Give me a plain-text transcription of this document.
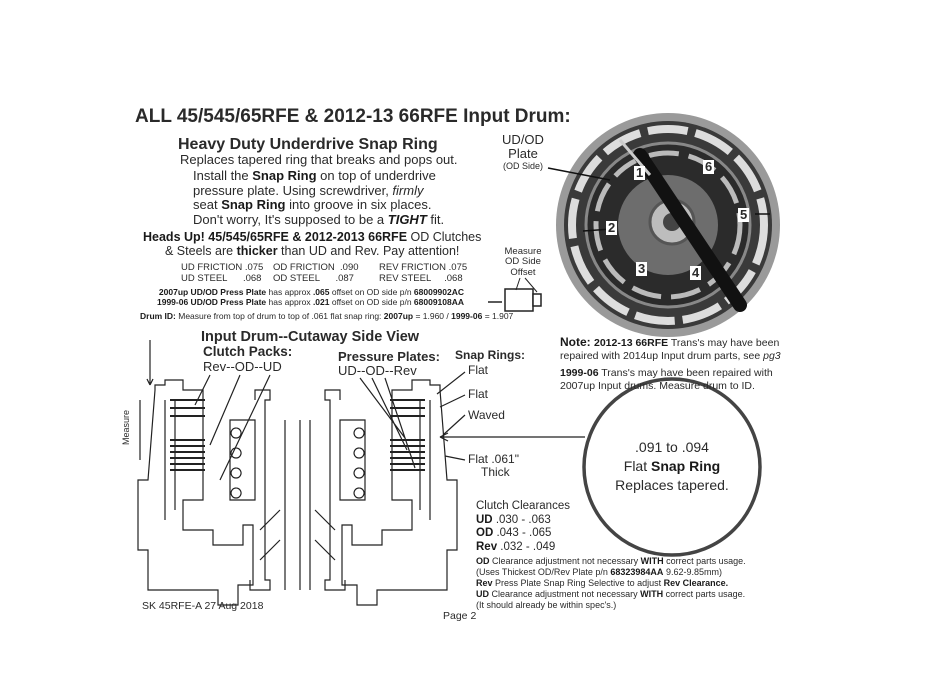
ALL 45/545/65RFE & 2012-13 66RFE Input Drum:
Heavy Duty Underdrive Snap Ring
Replaces tapered ring that breaks and pops out.
Install the Snap Ring on top of underdrive
pressure plate. Using screwdriver, firmly
seat Snap Ring into groove in six places.
Don't worry, It's supposed to be a TIGHT fit.
UD/OD
Plate
(OD Side)	1
2
3	4
5
6
Heads Up! 45/545/65RFE & 2012-2013 66RFE OD Clutches
& Steels are thicker than UD and Rev. Pay attention!
UD FRICTION .075	OD FRICTION  .090	REV FRICTION .075
UD STEEL      .068	OD STEEL      .087	REV STEEL     .068
Measure
OD Side
Offset
2007up UD/OD Press Plate has approx .065 offset on OD side p/n 68009902AC
1999-06 UD/OD Press Plate has approx .021 offset on OD side p/n 68009108AA
Drum ID: Measure from top of drum to top of .061 flat snap ring: 2007up = 1.960 / 1999-06 = 1.907
Input Drum--Cutaway Side View
Clutch Packs:
Rev--OD--UD
Pressure Plates:
UD--OD--Rev
Snap Rings:
Flat
Flat
Waved
Flat .061"
Thick
Measure
Note: 2012-13 66RFE Trans's may have been
repaired with 2014up Input drum parts, see pg3
1999-06 Trans's may have been repaired with
2007up Input drums. Measure drum to ID.
.091 to .094
Flat Snap Ring
Replaces tapered.
Clutch Clearances
UD .030 - .063
OD .043 - .065
Rev .032 - .049
OD Clearance adjustment not necessary WITH correct parts usage.
(Uses Thickest OD/Rev Plate p/n 68323984AA 9.62-9.85mm)
Rev Press Plate Snap Ring Selective to adjust Rev Clearance.
UD Clearance adjustment not necessary WITH correct parts usage.
(It should already be within spec's.)
SK 45RFE-A 27 Aug 2018
Page 2
